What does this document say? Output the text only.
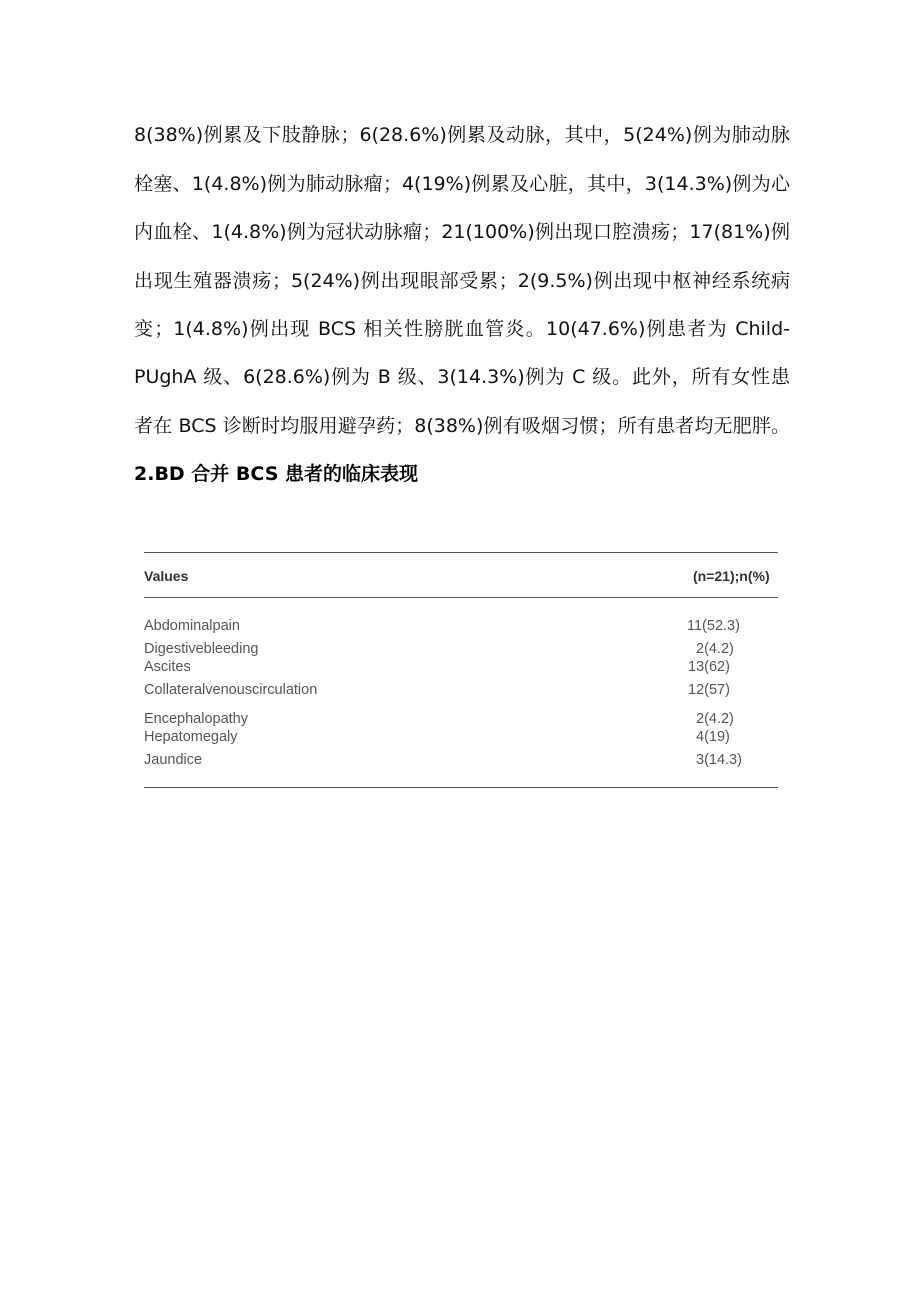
8(38%)例累及下肢静脉；6(28.6%)例累及动脉，其中，5(24%)例为肺动脉
栓塞、1(4.8%)例为肺动脉瘤；4(19%)例累及心脏，其中，3(14.3%)例为心
内血栓、1(4.8%)例为冠状动脉瘤；21(100%)例出现口腔溃疡；17(81%)例
出现生殖器溃疡；5(24%)例出现眼部受累；2(9.5%)例出现中枢神经系统病
变；1(4.8%)例出现 BCS 相关性膀胱血管炎。10(47.6%)例患者为 Child-
PUghA 级、6(28.6%)例为 B 级、3(14.3%)例为 C 级。此外，所有女性患
者在 BCS 诊断时均服用避孕药；8(38%)例有吸烟习惯；所有患者均无肥胖。
2.BD 合并 BCS 患者的临床表现
Values	(n=21);n(%)
Abdominalpain	11(52.3)
Digestivebleeding	2(4.2)
Ascites	13(62)
Collateralvenouscirculation	12(57)
Encephalopathy	2(4.2)
Hepatomegaly	4(19)
Jaundice	3(14.3)
